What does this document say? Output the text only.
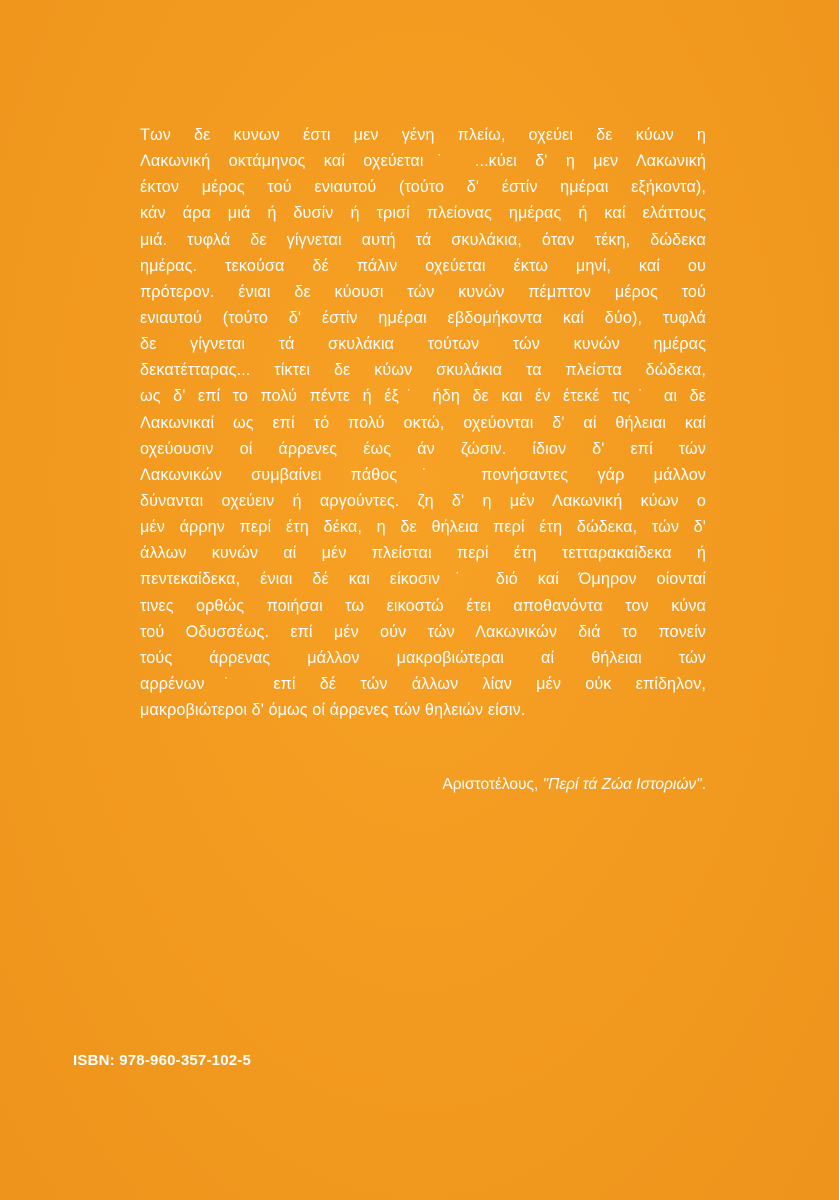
Των δε κυνων έστι μεν γένη πλείω, οχεύει δε κύων η
Λακωνική οκτάμηνος καί οχεύεται˙ ...κύει δ' η μεν Λακωνική
έκτον μέρος τού ενιαυτού (τούτο δ' έστίν ημέραι εξήκοντα),
κάν άρα μιά ή δυσίν ή τρισί πλείονας ημέρας ή καί ελάττους
μιά. τυφλά δε γίγνεται αυτή τά σκυλάκια, όταν τέκη, δώδεκα
ημέρας. τεκούσα δέ πάλιν οχεύεται έκτω μηνί, καί ου
πρότερον. ένιαι δε κύουσι τών κυνών πέμπτον μέρος τού
ενιαυτού (τούτο δ' έστίν ημέραι εβδομήκοντα καί δύο), τυφλά
δε γίγνεται τά σκυλάκια τούτων τών κυνών ημέρας
δεκατέτταρας... τίκτει δε κύων σκυλάκια τα πλείστα δώδεκα,
ως δ' επί το πολύ πέντε ή έξ˙ ήδη δε και έν έτεκέ τις˙ αι δε
Λακωνικαί ως επί τό πολύ οκτώ, οχεύονται δ' αί θήλειαι καί
οχεύουσιν οί άρρενες έως άν ζώσιν. ίδιον δ' επί τών
Λακωνικών συμβαίνει πάθος˙ πονήσαντες γάρ μάλλον
δύνανται οχεύειν ή αργούντες. ζη δ' η μέν Λακωνική κύων ο
μέν άρρην περί έτη δέκα, η δε θήλεια περί έτη δώδεκα, τών δ'
άλλων κυνών αί μέν πλείσται περί έτη τετταρακαίδεκα ή
πεντεκαίδεκα, ένιαι δέ και είκοσιν˙ διό καί Όμηρον οίονταί
τινες ορθώς ποιήσαι τω εικοστώ έτει αποθανόντα τον κύνα
τού Οδυσσέως. επί μέν ούν τών Λακωνικών διά το πονείν
τούς άρρενας μάλλον μακροβιώτεραι αί θήλειαι τών
αρρένων˙ επί δέ τών άλλων λίαν μέν ούκ επίδηλον,
μακροβιώτεροι δ' όμως οί άρρενες τών θηλειών είσιν.
Αριστοτέλους, "Περί τά Ζώα Ιστοριών".
ISBN: 978-960-357-102-5
